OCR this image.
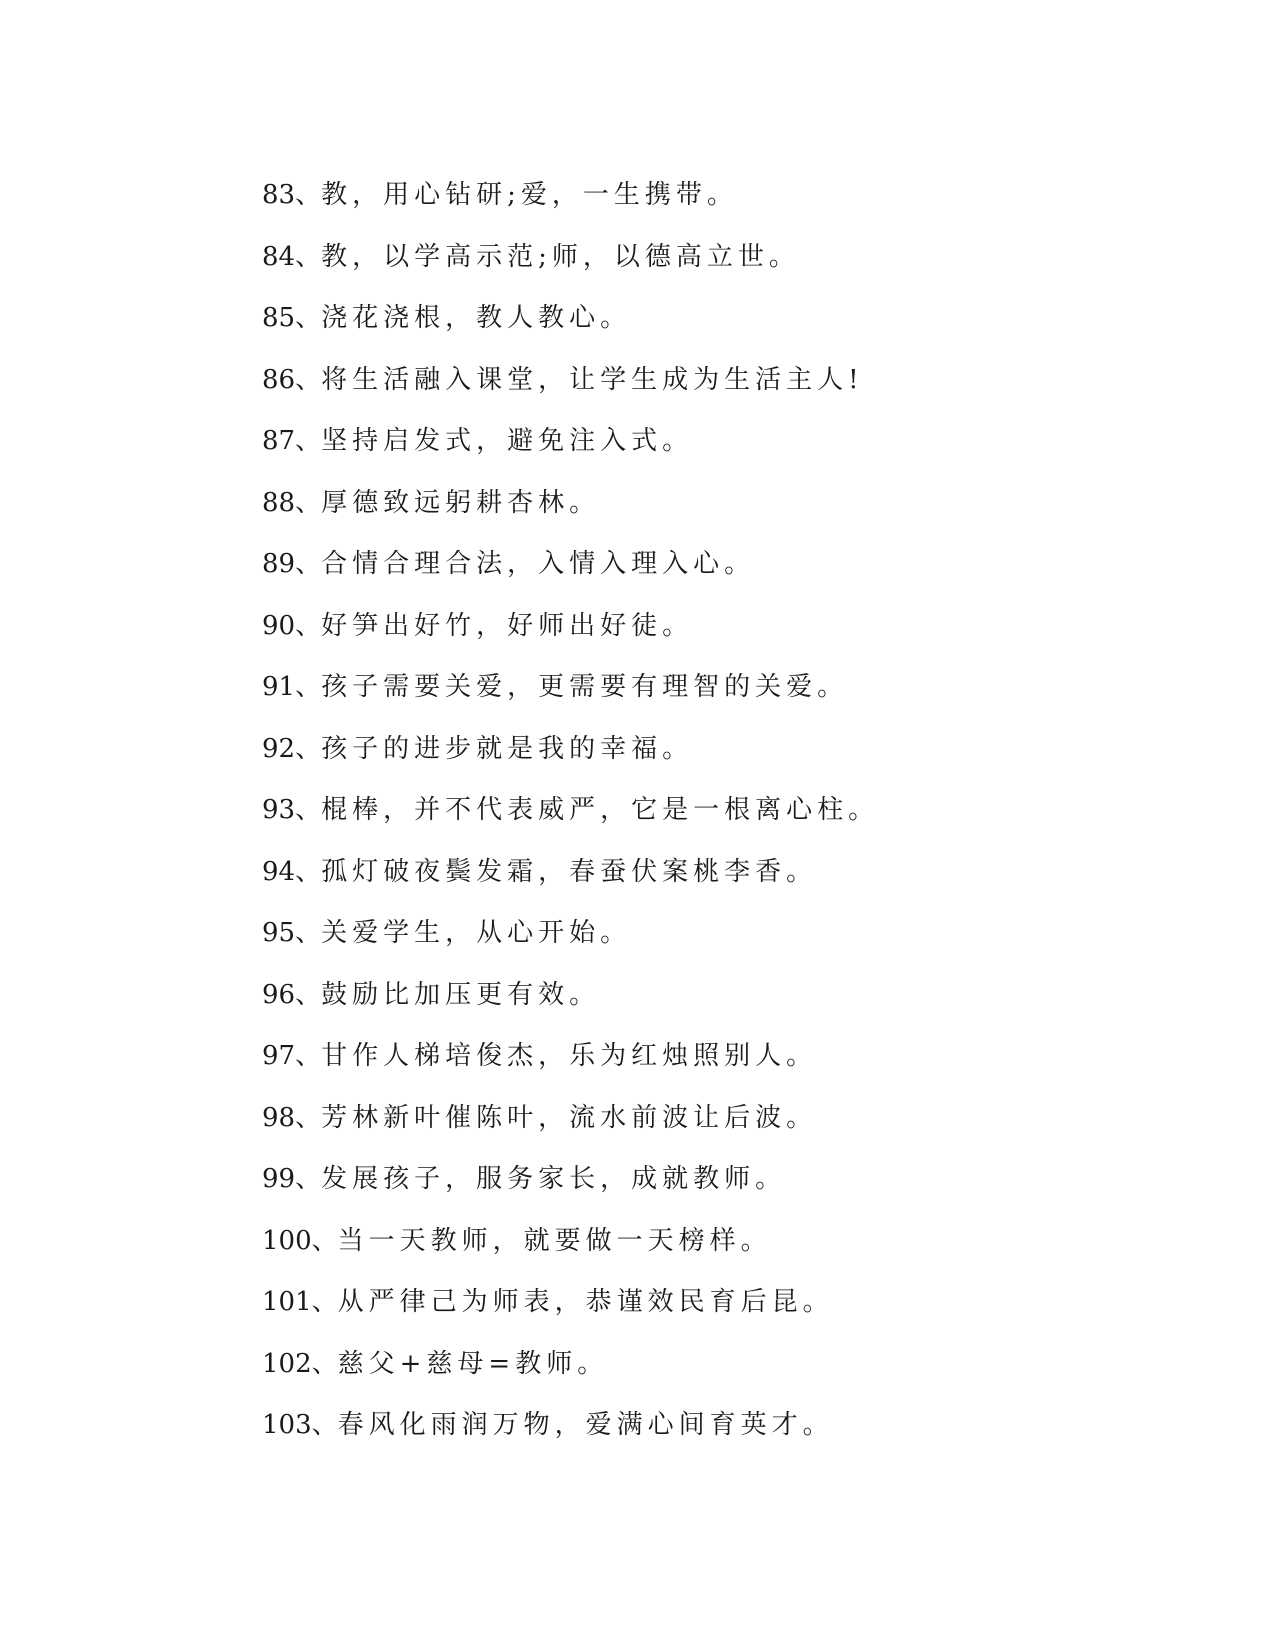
83、教，用心钻研;爱，一生携带。
84、教，以学高示范;师，以德高立世。
85、浇花浇根，教人教心。
86、将生活融入课堂，让学生成为生活主人!
87、坚持启发式，避免注入式。
88、厚德致远躬耕杏林。
89、合情合理合法，入情入理入心。
90、好笋出好竹，好师出好徒。
91、孩子需要关爱，更需要有理智的关爱。
92、孩子的进步就是我的幸福。
93、棍棒，并不代表威严，它是一根离心柱。
94、孤灯破夜鬓发霜，春蚕伏案桃李香。
95、关爱学生，从心开始。
96、鼓励比加压更有效。
97、甘作人梯培俊杰，乐为红烛照别人。
98、芳林新叶催陈叶，流水前波让后波。
99、发展孩子，服务家长，成就教师。
100、当一天教师，就要做一天榜样。
101、从严律己为师表，恭谨效民育后昆。
102、慈父+慈母=教师。
103、春风化雨润万物，爱满心间育英才。
